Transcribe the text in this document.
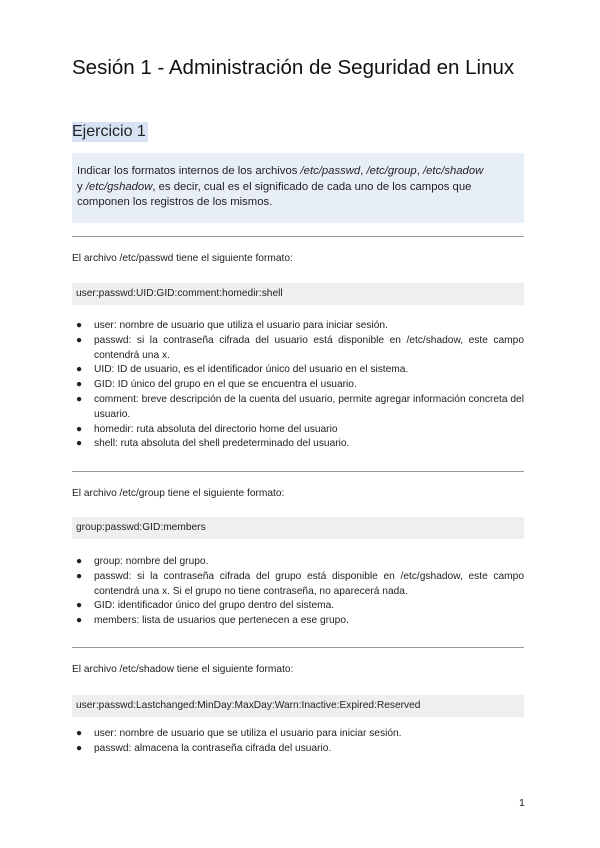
Sesión 1 - Administración de Seguridad en Linux
Ejercicio 1
Indicar los formatos internos de los archivos /etc/passwd, /etc/group, /etc/shadow
y /etc/gshadow, es decir, cual es el significado de cada uno de los campos que componen los registros de los mismos.
El archivo /etc/passwd tiene el siguiente formato:
user:passwd:UID:GID:comment:homedir:shell
● user: nombre de usuario que utiliza el usuario para iniciar sesión.
● passwd: si la contraseña cifrada del usuario está disponible en /etc/shadow, este campo contendrá una x.
● UID: ID de usuario, es el identificador único del usuario en el sistema.
● GID: ID único del grupo en el que se encuentra el usuario.
● comment: breve descripción de la cuenta del usuario, permite agregar información concreta del usuario.
● homedir: ruta absoluta del directorio home del usuario
● shell: ruta absoluta del shell predeterminado del usuario.
El archivo /etc/group tiene el siguiente formato:
group:passwd:GID:members
● group: nombre del grupo.
● passwd: si la contraseña cifrada del grupo está disponible en /etc/gshadow, este campo contendrá una x. Si el grupo no tiene contraseña, no aparecerá nada.
● GID: identificador único del grupo dentro del sistema.
● members: lista de usuarios que pertenecen a ese grupo.
El archivo /etc/shadow tiene el siguiente formato:
user:passwd:Lastchanged:MinDay:MaxDay:Warn:Inactive:Expired:Reserved
● user: nombre de usuario que se utiliza el usuario para iniciar sesión.
● passwd: almacena la contraseña cifrada del usuario.
1
